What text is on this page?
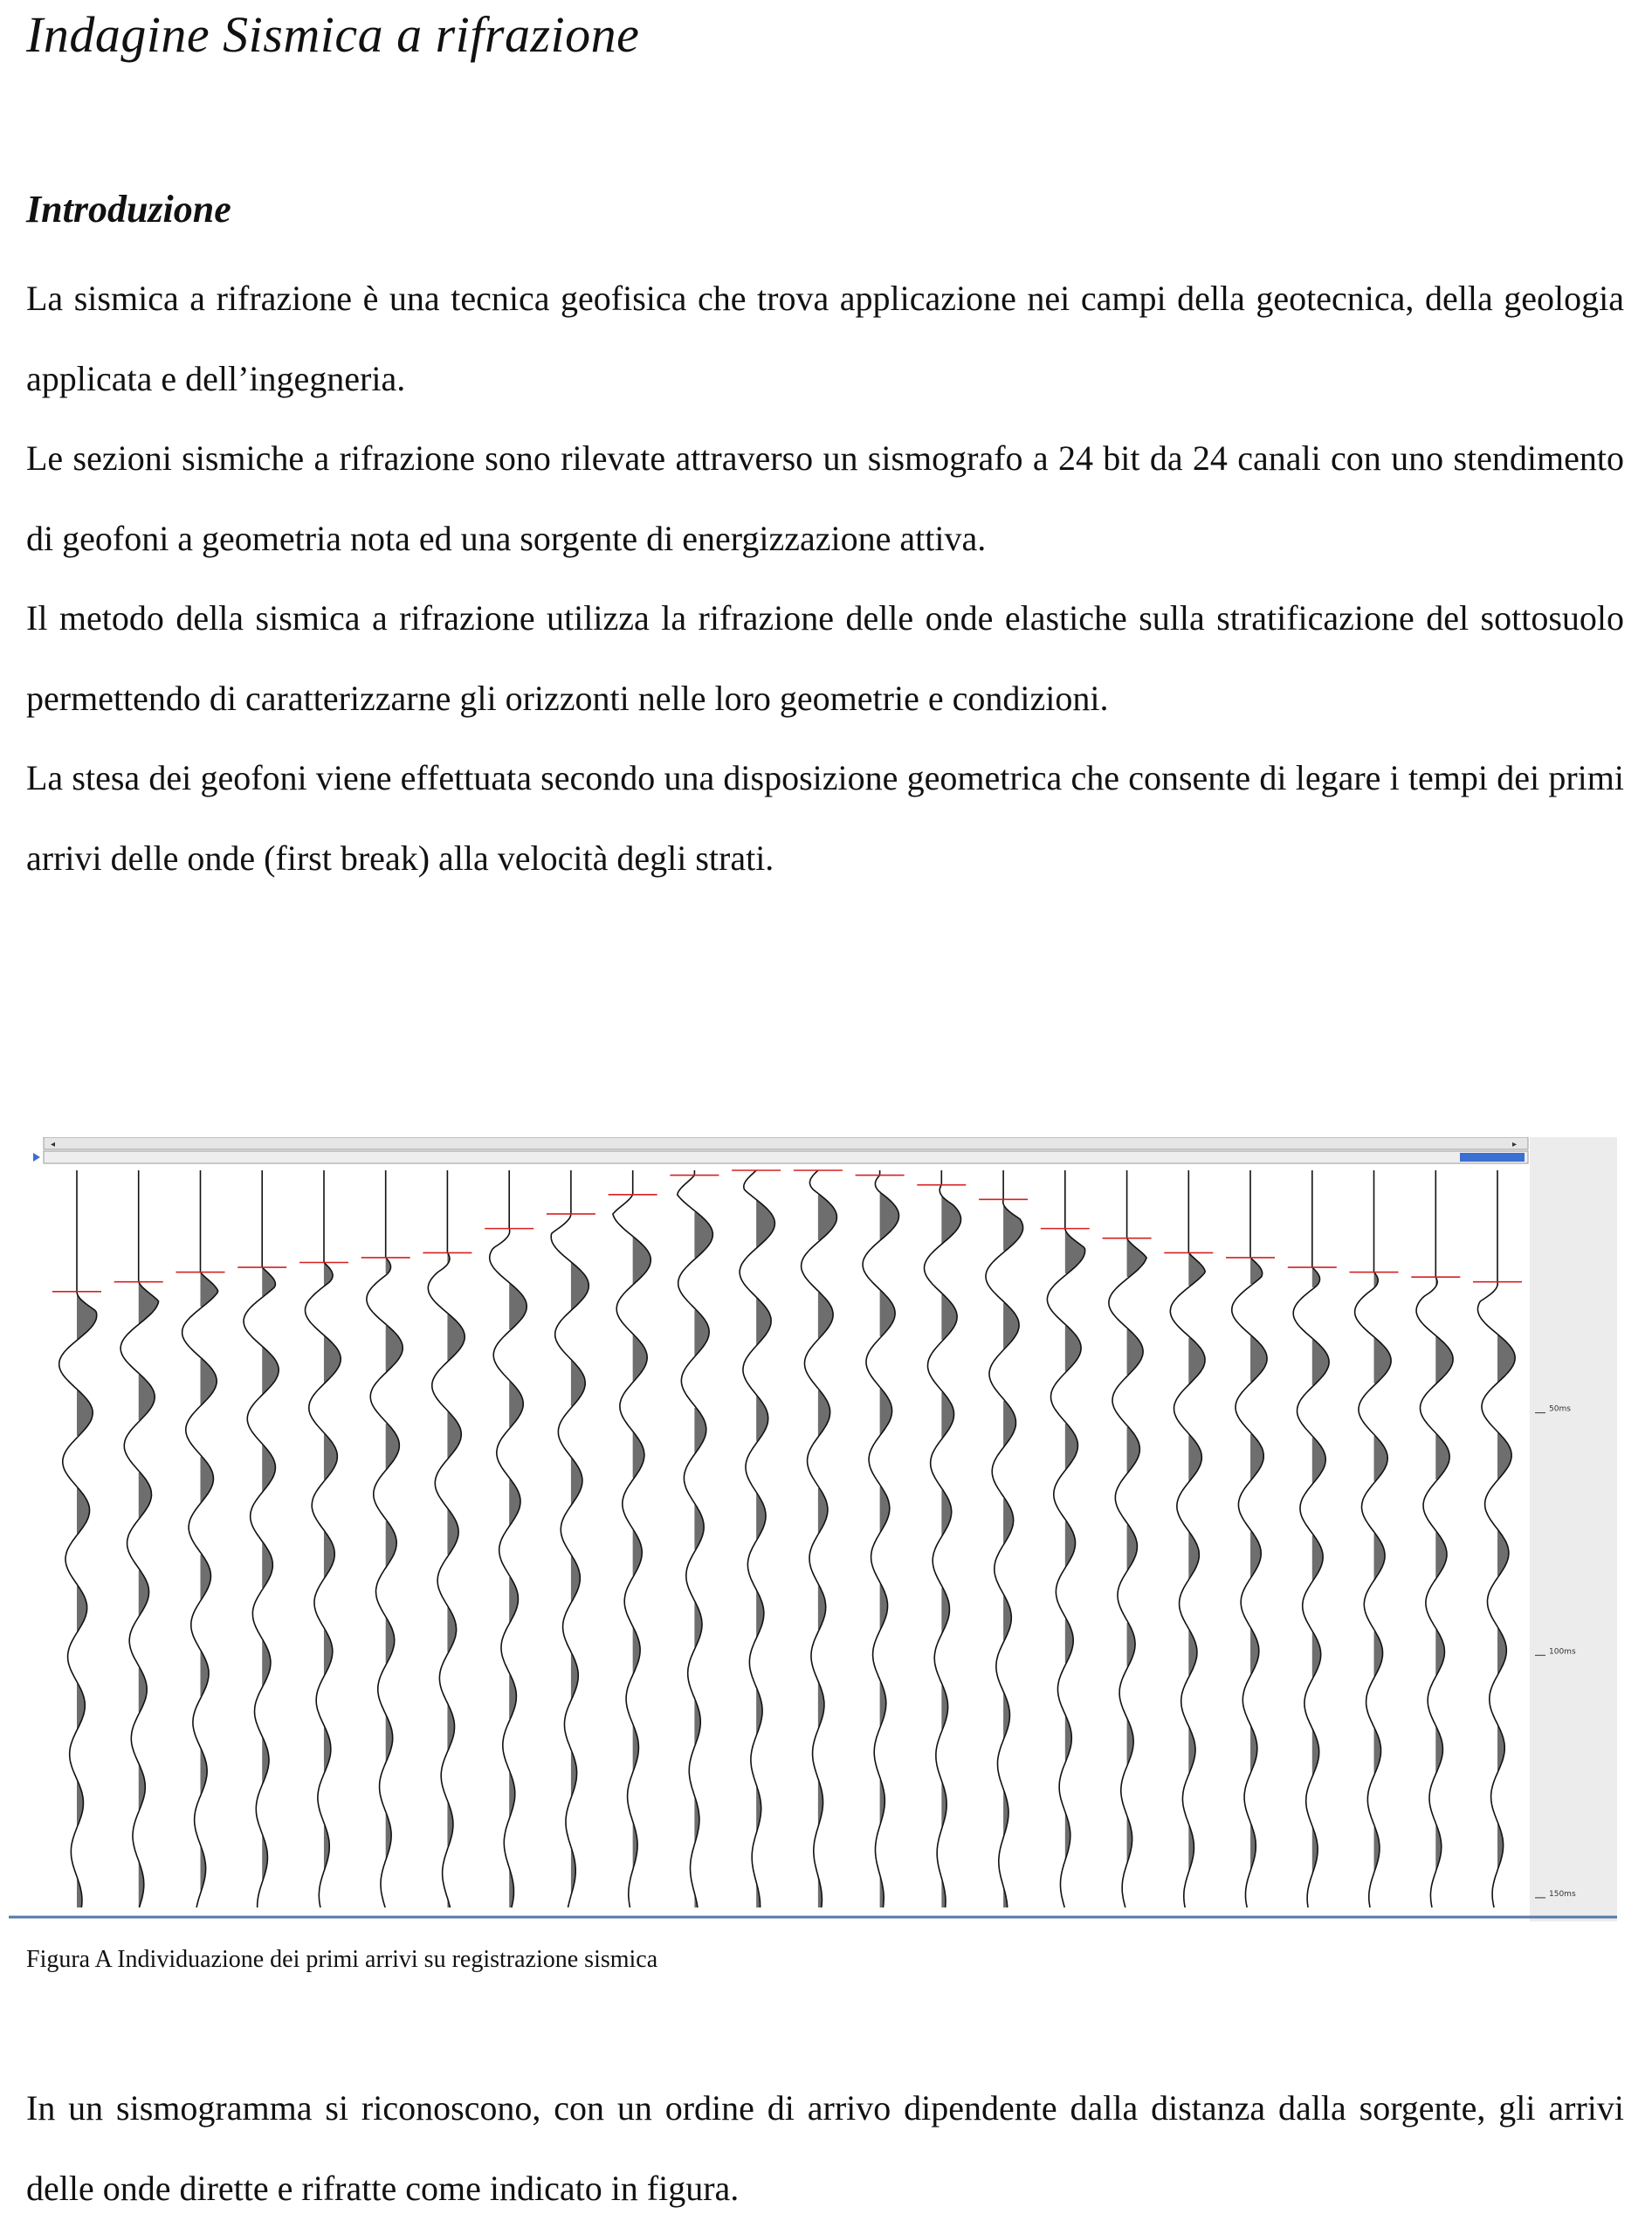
Indagine Sismica a rifrazione
Introduzione

La sismica a rifrazione è una tecnica geofisica che trova applicazione nei campi della geotecnica, della geologia applicata e dell’ingegneria.

Le sezioni sismiche a rifrazione sono rilevate attraverso un sismografo a 24 bit da 24 canali con uno stendimento di geofoni a geometria nota ed una sorgente di energizzazione attiva.

Il metodo della sismica a rifrazione utilizza la rifrazione delle onde elastiche sulla stratificazione del sottosuolo permettendo di caratterizzarne gli orizzonti nelle loro geometrie e condizioni.

La stesa dei geofoni viene effettuata secondo una disposizione geometrica che consente di legare i tempi dei primi arrivi delle onde (first break) alla velocità degli strati.

◂	▸
50ms
100ms
150ms

Figura A Individuazione dei primi arrivi su registrazione sismica

In un sismogramma si riconoscono, con un ordine di arrivo dipendente dalla distanza dalla sorgente, gli arrivi delle onde dirette e rifratte come indicato in figura.
